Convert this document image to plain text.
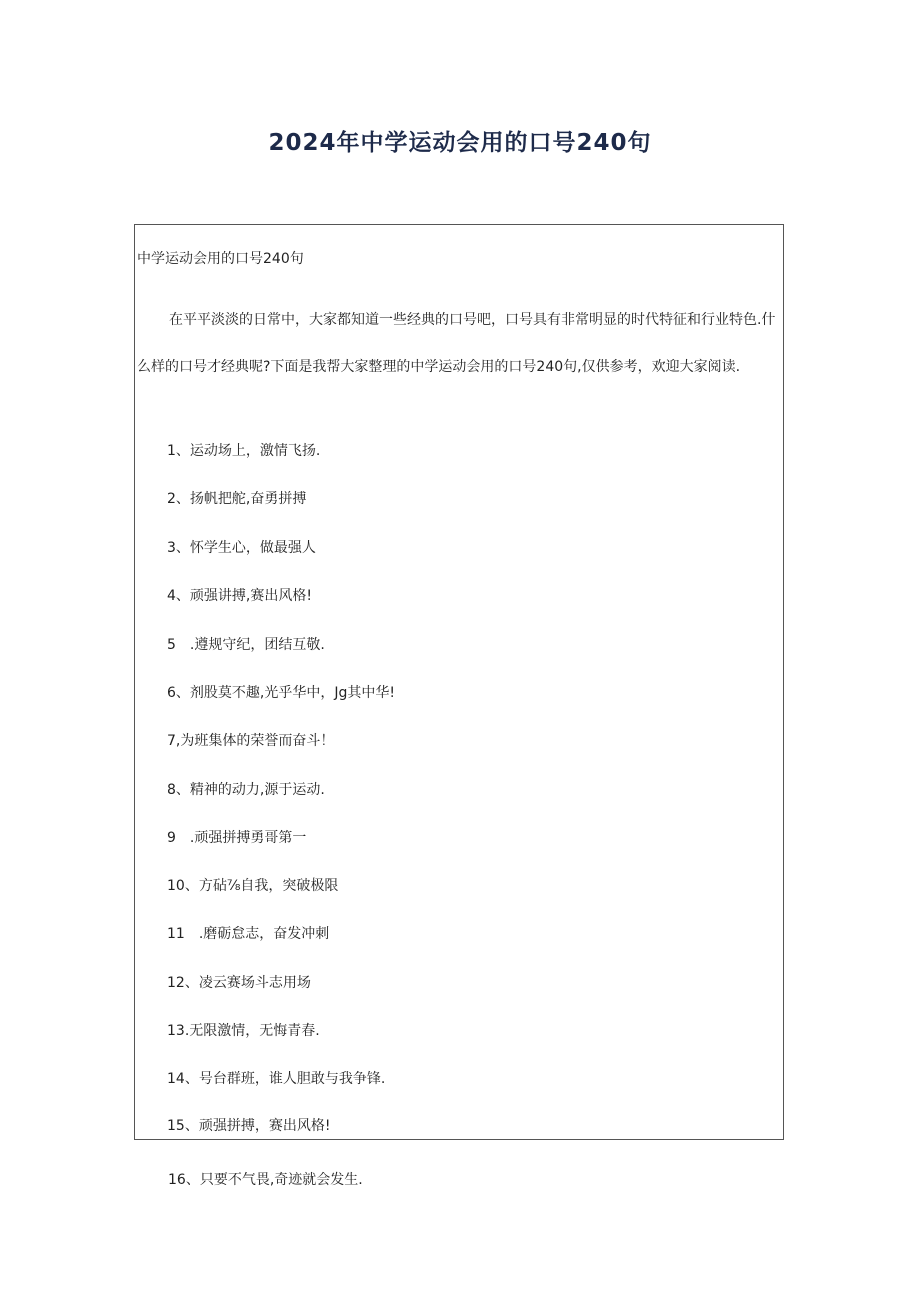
2024年中学运动会用的口号240句
中学运动会用的口号240句

在平平淡淡的日常中，大家都知道一些经典的口号吧，口号具有非常明显的时代特征和行业特色.什么样的口号才经典呢?下面是我帮大家整理的中学运动会用的口号240句,仅供参考，欢迎大家阅读.

1、运动场上，激情飞扬.
2、扬帆把舵,奋勇拼搏
3、怀学生心，做最强人
4、顽强讲搏,赛出风格!
5　.遵规守纪，团结互敬.
6、剂股莫不趣,光乎华中，Jg其中华!
7,为班集体的荣誉而奋斗！
8、精神的动力,源于运动.
9　.顽强拼搏勇哥第一
10、方砧⅞自我，突破极限
11　.磨砺怠志，奋发冲刺
12、凌云赛场斗志用场
13.无限激情，无悔青春.
14、号台群班，谁人胆敢与我争锋.
15、顽强拼搏，赛出风格!
16、只要不气畏,奇迹就会发生.
